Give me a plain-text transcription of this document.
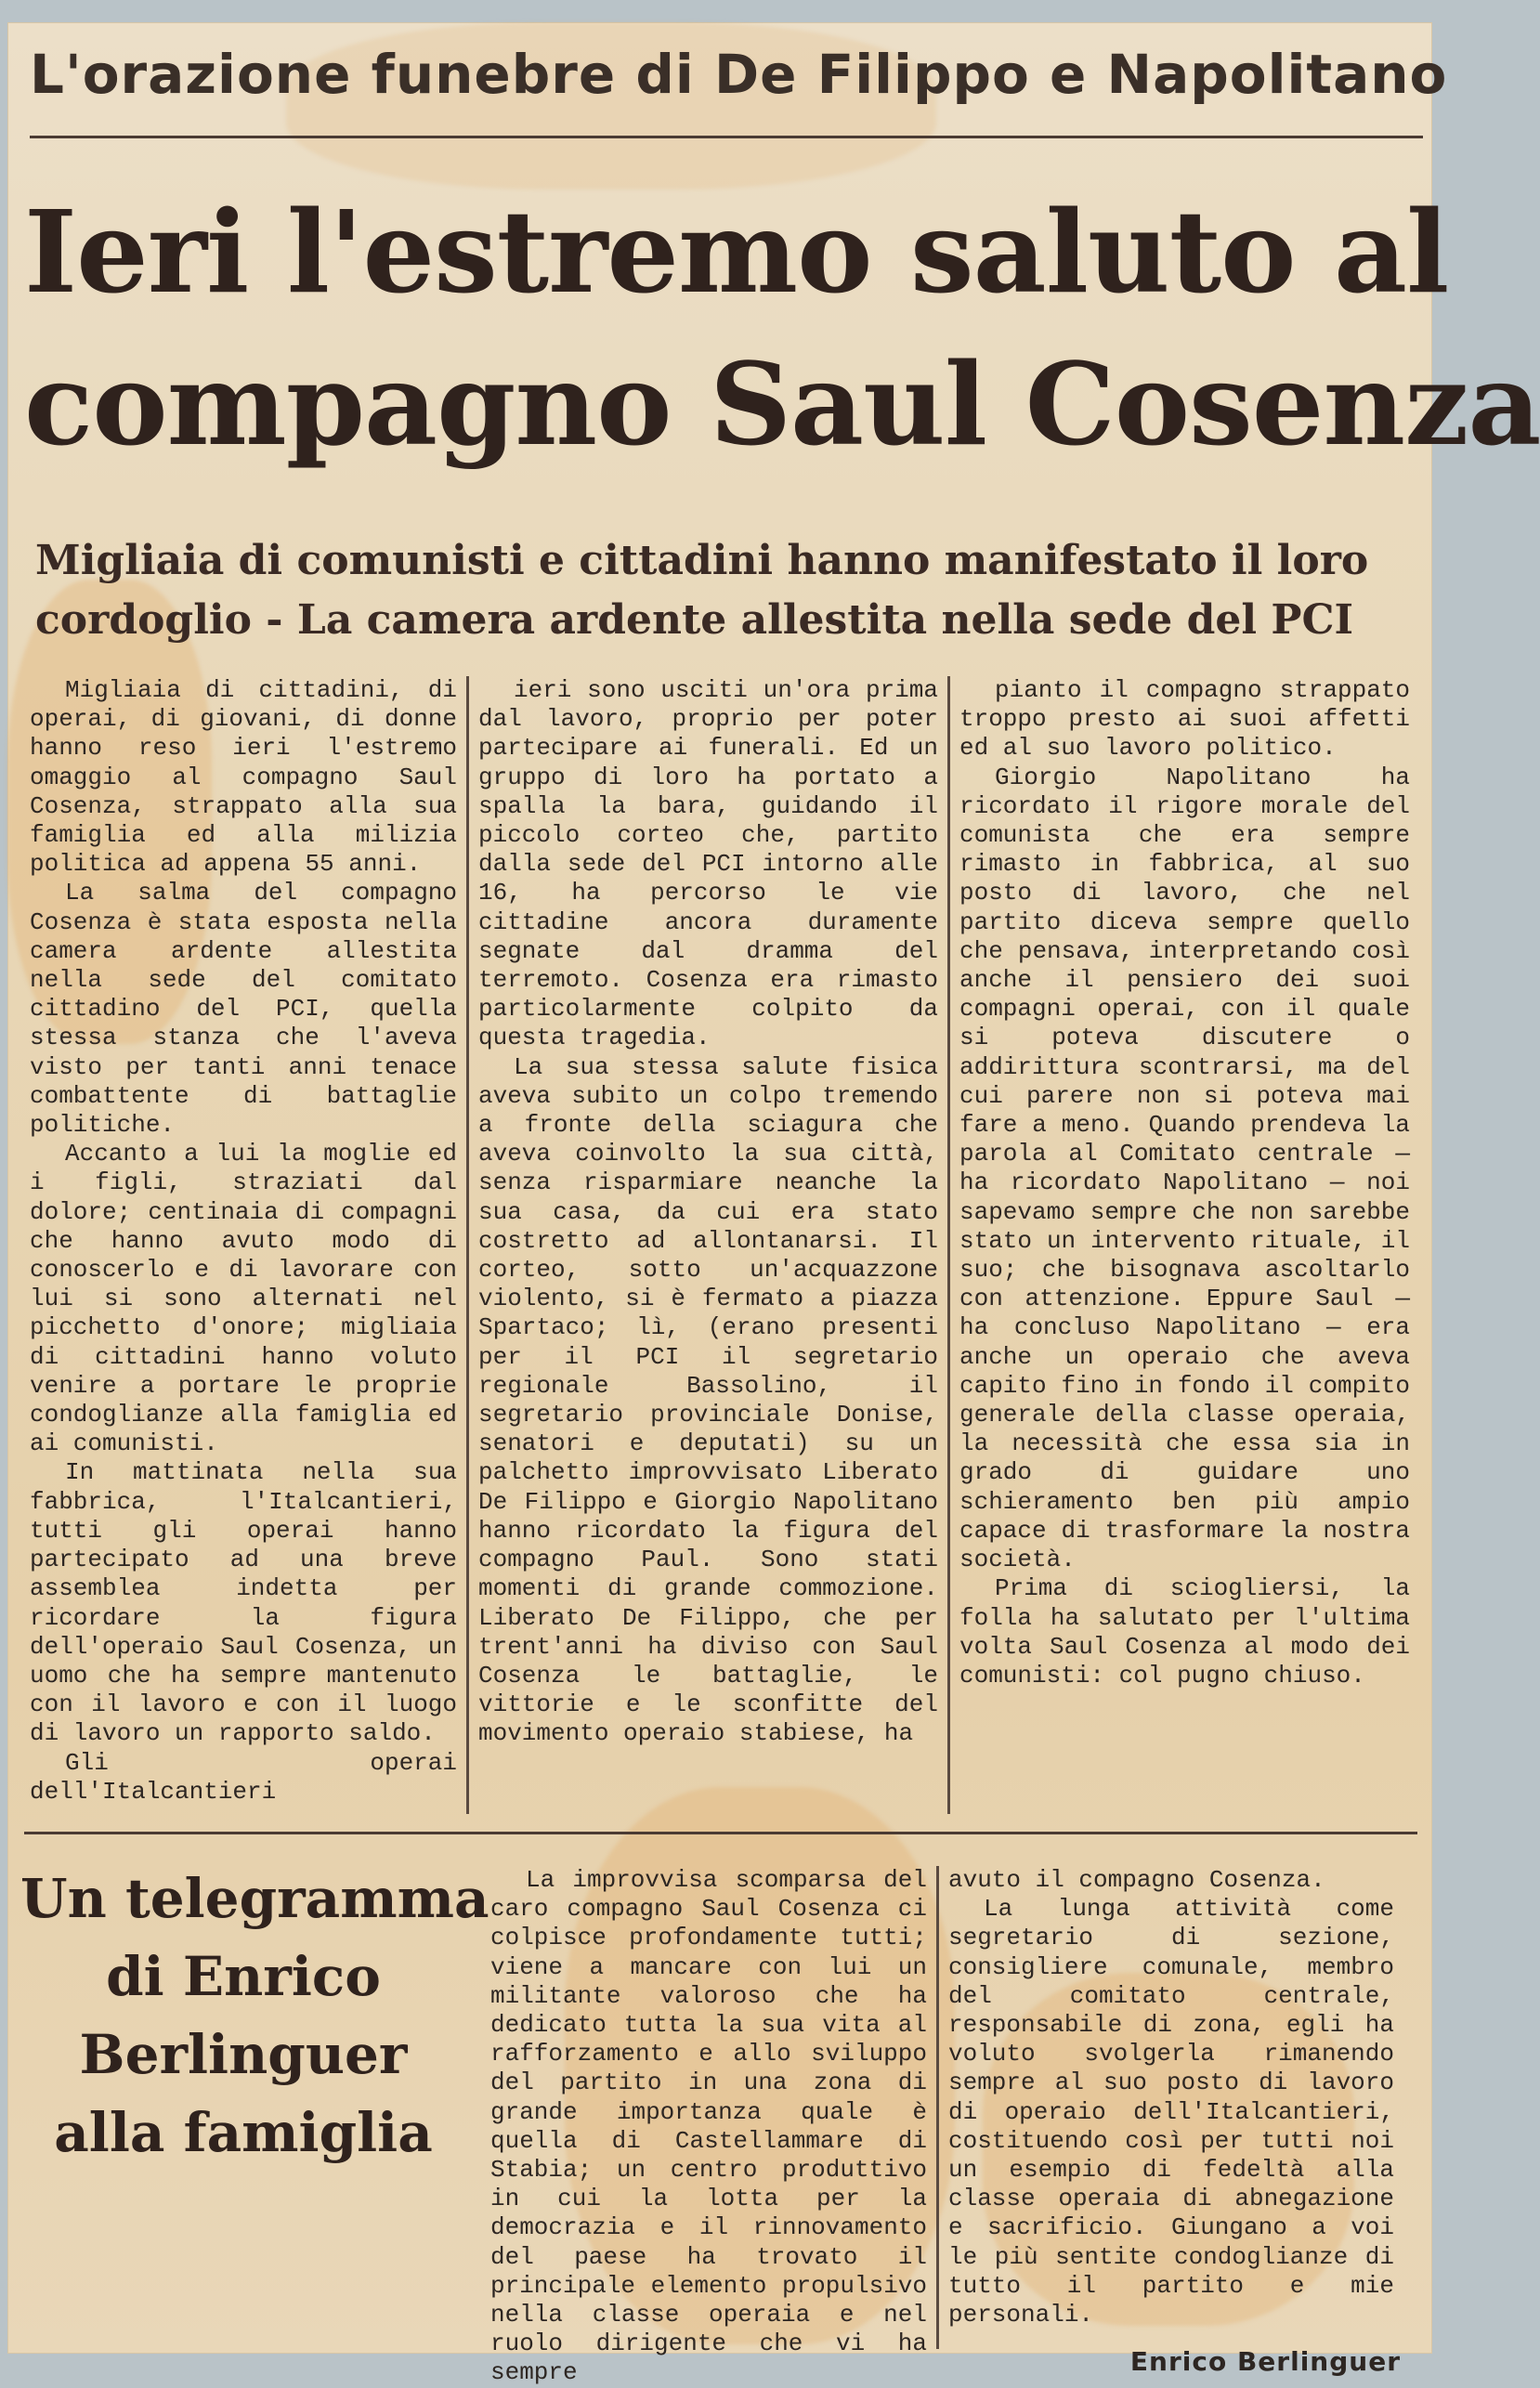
L'orazione funebre di De Filippo e Napolitano
Ieri l'estremo saluto al
compagno Saul Cosenza
Migliaia di comunisti e cittadini hanno manifestato il loro
cordoglio - La camera ardente allestita nella sede del PCI

Migliaia di cittadini, di operai, di giovani, di donne hanno reso ieri l'estremo omaggio al compagno Saul Cosenza, strappato alla sua famiglia ed alla milizia politica ad appena 55 anni.

La salma del compagno Cosenza è stata esposta nella camera ardente allestita nella sede del comitato cittadino del PCI, quella stessa stanza che l'aveva visto per tanti anni tenace combattente di battaglie politiche.

Accanto a lui la moglie ed i figli, straziati dal dolore; centinaia di compagni che hanno avuto modo di conoscerlo e di lavorare con lui si sono alternati nel picchetto d'onore; migliaia di cittadini hanno voluto venire a portare le proprie condoglianze alla famiglia ed ai comunisti.

In mattinata nella sua fabbrica, l'Italcantieri, tutti gli operai hanno partecipato ad una breve assemblea indetta per ricordare la figura dell'operaio Saul Cosenza, un uomo che ha sempre mantenuto con il lavoro e con il luogo di lavoro un rapporto saldo.

Gli operai dell'Italcantieri

ieri sono usciti un'ora prima dal lavoro, proprio per poter partecipare ai funerali. Ed un gruppo di loro ha portato a spalla la bara, guidando il piccolo corteo che, partito dalla sede del PCI intorno alle 16, ha percorso le vie cittadine ancora duramente segnate dal dramma del terremoto. Cosenza era rimasto particolarmente colpito da questa tragedia.

La sua stessa salute fisica aveva subito un colpo tremendo a fronte della sciagura che aveva coinvolto la sua città, senza risparmiare neanche la sua casa, da cui era stato costretto ad allontanarsi. Il corteo, sotto un'acquazzone violento, si è fermato a piazza Spartaco; lì, (erano presenti per il PCI il segretario regionale Bassolino, il segretario provinciale Donise, senatori e deputati) su un palchetto improvvisato Liberato De Filippo e Giorgio Napolitano hanno ricordato la figura del compagno Paul. Sono stati momenti di grande commozione. Liberato De Filippo, che per trent'anni ha diviso con Saul Cosenza le battaglie, le vittorie e le sconfitte del movimento operaio stabiese, ha

pianto il compagno strappato troppo presto ai suoi affetti ed al suo lavoro politico.

Giorgio Napolitano ha ricordato il rigore morale del comunista che era sempre rimasto in fabbrica, al suo posto di lavoro, che nel partito diceva sempre quello che pensava, interpretando così anche il pensiero dei suoi compagni operai, con il quale si poteva discutere o addirittura scontrarsi, ma del cui parere non si poteva mai fare a meno. Quando prendeva la parola al Comitato centrale — ha ricordato Napolitano — noi sapevamo sempre che non sarebbe stato un intervento rituale, il suo; che bisognava ascoltarlo con attenzione. Eppure Saul — ha concluso Napolitano — era anche un operaio che aveva capito fino in fondo il compito generale della classe operaia, la necessità che essa sia in grado di guidare uno schieramento ben più ampio capace di trasformare la nostra società.

Prima di sciogliersi, la folla ha salutato per l'ultima volta Saul Cosenza al modo dei comunisti: col pugno chiuso.

Un telegramma
di Enrico
Berlinguer
alla famiglia

La improvvisa scomparsa del caro compagno Saul Cosenza ci colpisce profondamente tutti; viene a mancare con lui un militante valoroso che ha dedicato tutta la sua vita al rafforzamento e allo sviluppo del partito in una zona di grande importanza quale è quella di Castellammare di Stabia; un centro produttivo in cui la lotta per la democrazia e il rinnovamento del paese ha trovato il principale elemento propulsivo nella classe operaia e nel ruolo dirigente che vi ha sempre

avuto il compagno Cosenza.

La lunga attività come segretario di sezione, consigliere comunale, membro del comitato centrale, responsabile di zona, egli ha voluto svolgerla rimanendo sempre al suo posto di lavoro di operaio dell'Italcantieri, costituendo così per tutti noi un esempio di fedeltà alla classe operaia di abnegazione e sacrificio. Giungano a voi le più sentite condoglianze di tutto il partito e mie personali.

Enrico Berlinguer
